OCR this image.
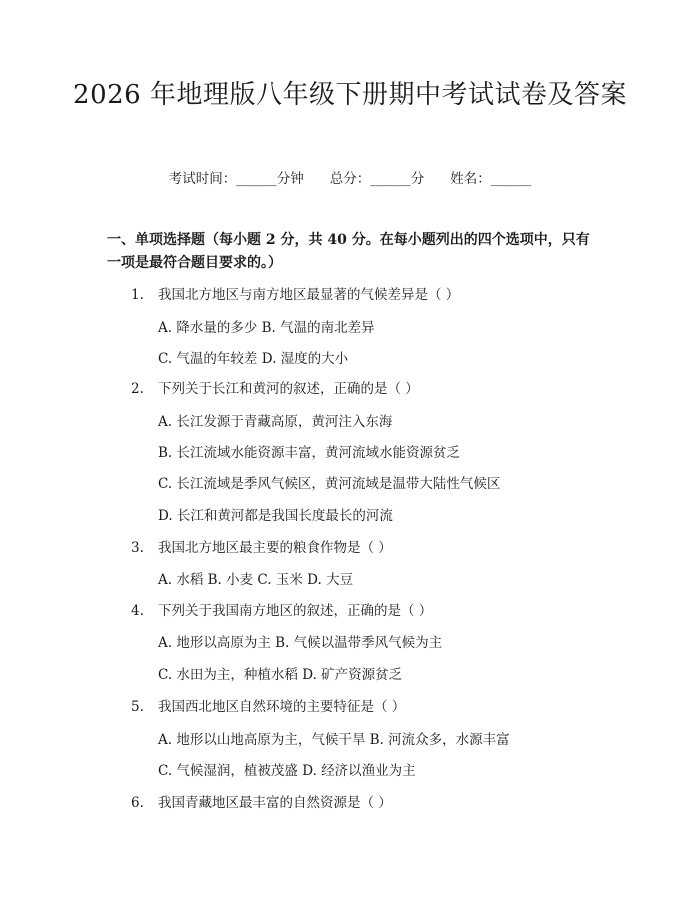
2026 年地理版八年级下册期中考试试卷及答案
考试时间：______分钟 总分：______分 姓名：______
一、单项选择题（每小题 2 分，共 40 分。在每小题列出的四个选项中，只有一项是最符合题目要求的。）
1. 我国北方地区与南方地区最显著的气候差异是（ ）
A. 降水量的多少 B. 气温的南北差异
C. 气温的年较差 D. 湿度的大小
2. 下列关于长江和黄河的叙述，正确的是（ ）
A. 长江发源于青藏高原，黄河注入东海
B. 长江流域水能资源丰富，黄河流域水能资源贫乏
C. 长江流域是季风气候区，黄河流域是温带大陆性气候区
D. 长江和黄河都是我国长度最长的河流
3. 我国北方地区最主要的粮食作物是（ ）
A. 水稻 B. 小麦 C. 玉米 D. 大豆
4. 下列关于我国南方地区的叙述，正确的是（ ）
A. 地形以高原为主 B. 气候以温带季风气候为主
C. 水田为主，种植水稻 D. 矿产资源贫乏
5. 我国西北地区自然环境的主要特征是（ ）
A. 地形以山地高原为主，气候干旱 B. 河流众多，水源丰富
C. 气候湿润，植被茂盛 D. 经济以渔业为主
6. 我国青藏地区最丰富的自然资源是（ ）
